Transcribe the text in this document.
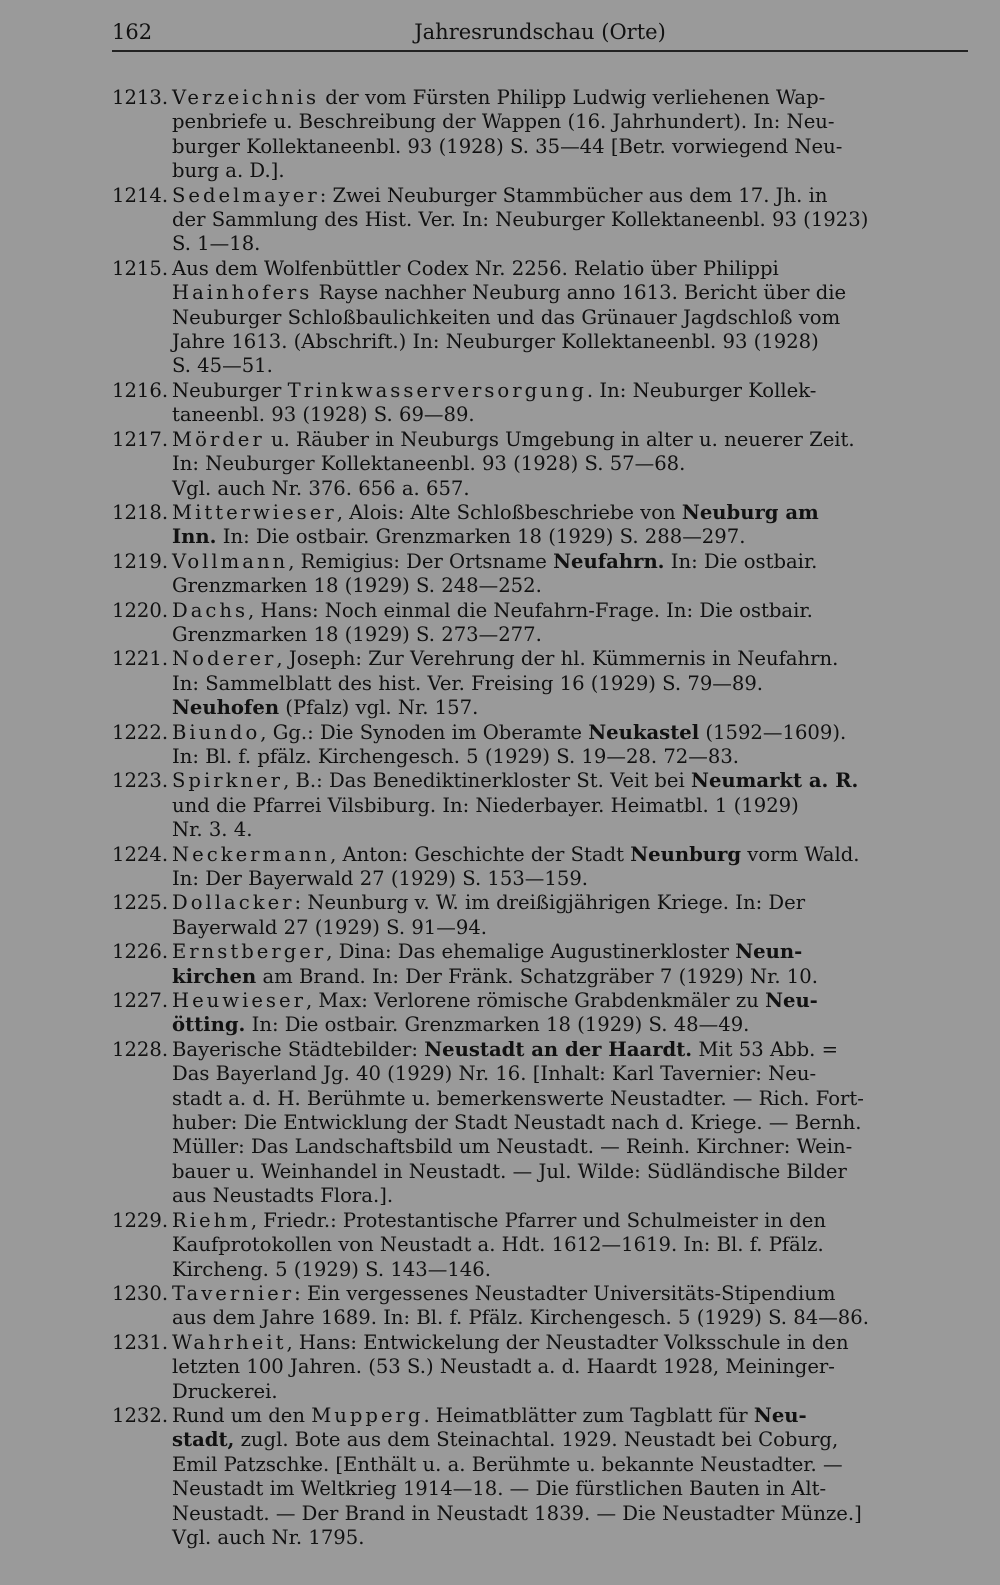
162	Jahresrundschau (Orte)

1213. Verzeichnis der vom Fürsten Philipp Ludwig verliehenen Wap-
penbriefe u. Beschreibung der Wappen (16. Jahrhundert). In: Neu-
burger Kollektaneenbl. 93 (1928) S. 35—44 [Betr. vorwiegend Neu-
burg a. D.].

1214. Sedelmayer: Zwei Neuburger Stammbücher aus dem 17. Jh. in
der Sammlung des Hist. Ver. In: Neuburger Kollektaneenbl. 93 (1923)
S. 1—18.

1215. Aus dem Wolfenbüttler Codex Nr. 2256. Relatio über Philippi
Hainhofers Rayse nachher Neuburg anno 1613. Bericht über die
Neuburger Schloßbaulichkeiten und das Grünauer Jagdschloß vom
Jahre 1613. (Abschrift.) In: Neuburger Kollektaneenbl. 93 (1928)
S. 45—51.

1216. Neuburger Trinkwasserversorgung. In: Neuburger Kollek-
taneenbl. 93 (1928) S. 69—89.

1217. Mörder u. Räuber in Neuburgs Umgebung in alter u. neuerer Zeit.
In: Neuburger Kollektaneenbl. 93 (1928) S. 57—68.
Vgl. auch Nr. 376. 656 a. 657.

1218. Mitterwieser, Alois: Alte Schloßbeschriebe von Neuburg am
Inn. In: Die ostbair. Grenzmarken 18 (1929) S. 288—297.

1219. Vollmann, Remigius: Der Ortsname Neufahrn. In: Die ostbair.
Grenzmarken 18 (1929) S. 248—252.

1220. Dachs, Hans: Noch einmal die Neufahrn-Frage. In: Die ostbair.
Grenzmarken 18 (1929) S. 273—277.

1221. Noderer, Joseph: Zur Verehrung der hl. Kümmernis in Neufahrn.
In: Sammelblatt des hist. Ver. Freising 16 (1929) S. 79—89.
Neuhofen (Pfalz) vgl. Nr. 157.

1222. Biundo, Gg.: Die Synoden im Oberamte Neukastel (1592—1609).
In: Bl. f. pfälz. Kirchengesch. 5 (1929) S. 19—28. 72—83.

1223. Spirkner, B.: Das Benediktinerkloster St. Veit bei Neumarkt a. R.
und die Pfarrei Vilsbiburg. In: Niederbayer. Heimatbl. 1 (1929)
Nr. 3. 4.

1224. Neckermann, Anton: Geschichte der Stadt Neunburg vorm Wald.
In: Der Bayerwald 27 (1929) S. 153—159.

1225. Dollacker: Neunburg v. W. im dreißigjährigen Kriege. In: Der
Bayerwald 27 (1929) S. 91—94.

1226. Ernstberger, Dina: Das ehemalige Augustinerkloster Neun-
kirchen am Brand. In: Der Fränk. Schatzgräber 7 (1929) Nr. 10.

1227. Heuwieser, Max: Verlorene römische Grabdenkmäler zu Neu-
ötting. In: Die ostbair. Grenzmarken 18 (1929) S. 48—49.

1228. Bayerische Städtebilder: Neustadt an der Haardt. Mit 53 Abb. =
Das Bayerland Jg. 40 (1929) Nr. 16. [Inhalt: Karl Tavernier: Neu-
stadt a. d. H. Berühmte u. bemerkenswerte Neustadter. — Rich. Fort-
huber: Die Entwicklung der Stadt Neustadt nach d. Kriege. — Bernh.
Müller: Das Landschaftsbild um Neustadt. — Reinh. Kirchner: Wein-
bauer u. Weinhandel in Neustadt. — Jul. Wilde: Südländische Bilder
aus Neustadts Flora.].

1229. Riehm, Friedr.: Protestantische Pfarrer und Schulmeister in den
Kaufprotokollen von Neustadt a. Hdt. 1612—1619. In: Bl. f. Pfälz.
Kircheng. 5 (1929) S. 143—146.

1230. Tavernier: Ein vergessenes Neustadter Universitäts-Stipendium
aus dem Jahre 1689. In: Bl. f. Pfälz. Kirchengesch. 5 (1929) S. 84—86.

1231. Wahrheit, Hans: Entwickelung der Neustadter Volksschule in den
letzten 100 Jahren. (53 S.) Neustadt a. d. Haardt 1928, Meininger-
Druckerei.

1232. Rund um den Mupperg. Heimatblätter zum Tagblatt für Neu-
stadt, zugl. Bote aus dem Steinachtal. 1929. Neustadt bei Coburg,
Emil Patzschke. [Enthält u. a. Berühmte u. bekannte Neustadter. —
Neustadt im Weltkrieg 1914—18. — Die fürstlichen Bauten in Alt-
Neustadt. — Der Brand in Neustadt 1839. — Die Neustadter Münze.]
Vgl. auch Nr. 1795.
